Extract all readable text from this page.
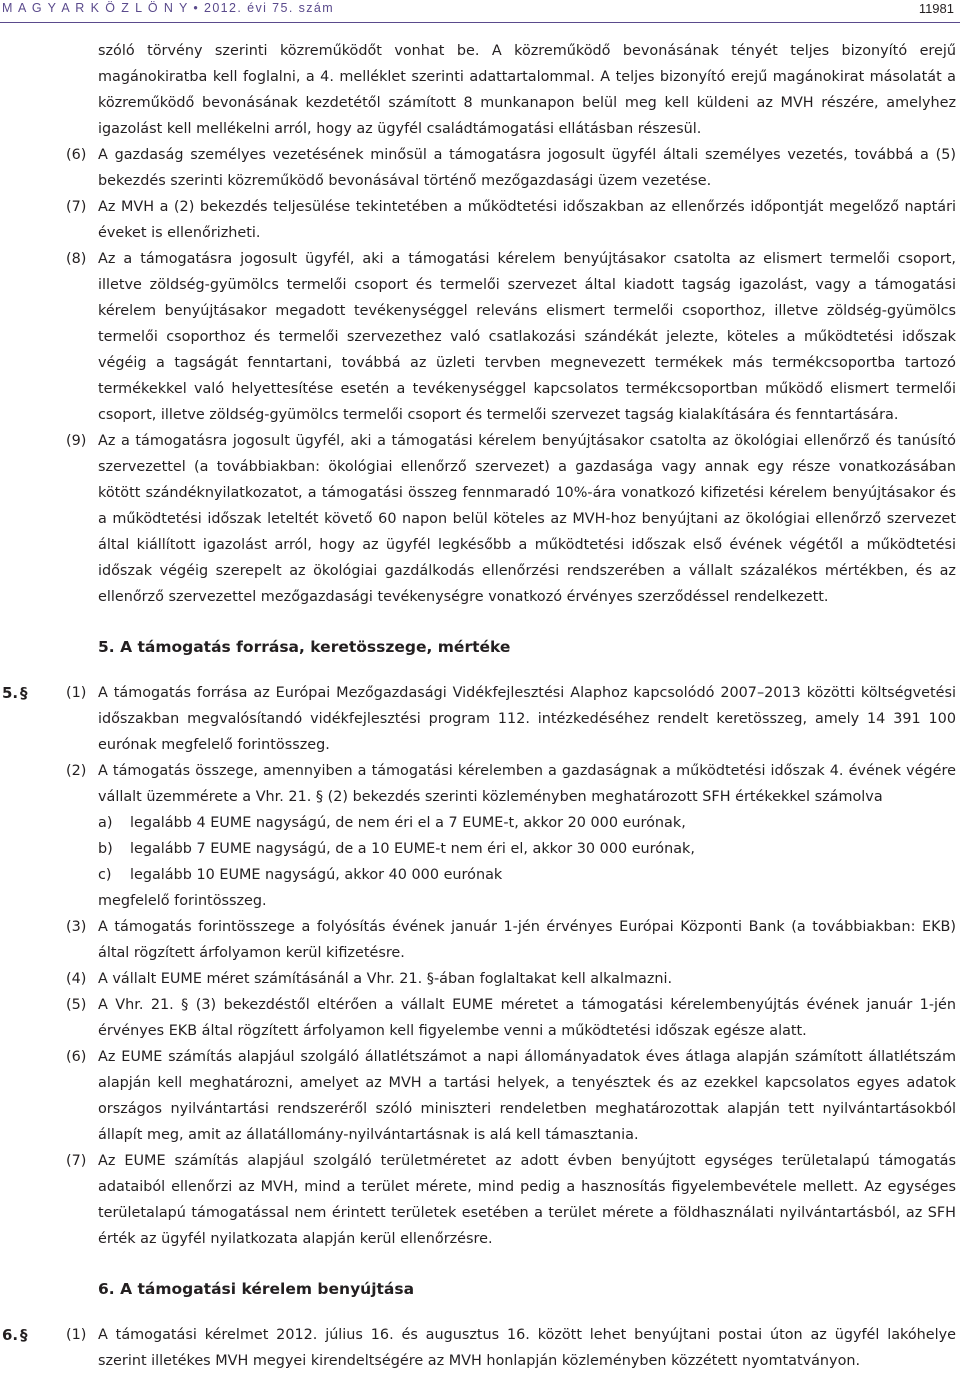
M A G Y A R K Ö Z L Ö N Y • 2012. évi 75. szám	11981

szóló törvény szerinti közreműködőt vonhat be. A közreműködő bevonásának tényét teljes bizonyító erejű magánokiratba kell foglalni, a 4. melléklet szerinti adattartalommal. A teljes bizonyító erejű magánokirat másolatát a közreműködő bevonásának kezdetétől számított 8 munkanapon belül meg kell küldeni az MVH részére, amelyhez igazolást kell mellékelni arról, hogy az ügyfél családtámogatási ellátásban részesül.

(6) A gazdaság személyes vezetésének minősül a támogatásra jogosult ügyfél általi személyes vezetés, továbbá a (5) bekezdés szerinti közreműködő bevonásával történő mezőgazdasági üzem vezetése.

(7) Az MVH a (2) bekezdés teljesülése tekintetében a működtetési időszakban az ellenőrzés időpontját megelőző naptári éveket is ellenőrizheti.

(8) Az a támogatásra jogosult ügyfél, aki a támogatási kérelem benyújtásakor csatolta az elismert termelői csoport, illetve zöldség-gyümölcs termelői csoport és termelői szervezet által kiadott tagság igazolást, vagy a támogatási kérelem benyújtásakor megadott tevékenységgel releváns elismert termelői csoporthoz, illetve zöldség-gyümölcs termelői csoporthoz és termelői szervezethez való csatlakozási szándékát jelezte, köteles a működtetési időszak végéig a tagságát fenntartani, továbbá az üzleti tervben megnevezett termékek más termékcsoportba tartozó termékekkel való helyettesítése esetén a tevékenységgel kapcsolatos termékcsoportban működő elismert termelői csoport, illetve zöldség-gyümölcs termelői csoport és termelői szervezet tagság kialakítására és fenntartására.

(9) Az a támogatásra jogosult ügyfél, aki a támogatási kérelem benyújtásakor csatolta az ökológiai ellenőrző és tanúsító szervezettel (a továbbiakban: ökológiai ellenőrző szervezet) a gazdasága vagy annak egy része vonatkozásában kötött szándéknyilatkozatot, a támogatási összeg fennmaradó 10%-ára vonatkozó kifizetési kérelem benyújtásakor és a működtetési időszak leteltét követő 60 napon belül köteles az MVH-hoz benyújtani az ökológiai ellenőrző szervezet által kiállított igazolást arról, hogy az ügyfél legkésőbb a működtetési időszak első évének végétől a működtetési időszak végéig szerepelt az ökológiai gazdálkodás ellenőrzési rendszerében a vállalt százalékos mértékben, és az ellenőrző szervezettel mezőgazdasági tevékenységre vonatkozó érvényes szerződéssel rendelkezett.

5. A támogatás forrása, keretösszege, mértéke
5. §	(1) A támogatás forrása az Európai Mezőgazdasági Vidékfejlesztési Alaphoz kapcsolódó 2007–2013 közötti költségvetési időszakban megvalósítandó vidékfejlesztési program 112. intézkedéséhez rendelt keretösszeg, amely 14 391 100 eurónak megfelelő forintösszeg.

(2) A támogatás összege, amennyiben a támogatási kérelemben a gazdaságnak a működtetési időszak 4. évének végére vállalt üzemmérete a Vhr. 21. § (2) bekezdés szerinti közleményben meghatározott SFH értékekkel számolva

a) legalább 4 EUME nagyságú, de nem éri el a 7 EUME-t, akkor 20 000 eurónak,
b) legalább 7 EUME nagyságú, de a 10 EUME-t nem éri el, akkor 30 000 eurónak,
c) legalább 10 EUME nagyságú, akkor 40 000 eurónak

megfelelő forintösszeg.

(3) A támogatás forintösszege a folyósítás évének január 1-jén érvényes Európai Központi Bank (a továbbiakban: EKB) által rögzített árfolyamon kerül kifizetésre.

(4) A vállalt EUME méret számításánál a Vhr. 21. §-ában foglaltakat kell alkalmazni.

(5) A Vhr. 21. § (3) bekezdéstől eltérően a vállalt EUME méretet a támogatási kérelembenyújtás évének január 1-jén érvényes EKB által rögzített árfolyamon kell figyelembe venni a működtetési időszak egésze alatt.

(6) Az EUME számítás alapjául szolgáló állatlétszámot a napi állományadatok éves átlaga alapján számított állatlétszám alapján kell meghatározni, amelyet az MVH a tartási helyek, a tenyésztek és az ezekkel kapcsolatos egyes adatok országos nyilvántartási rendszeréről szóló miniszteri rendeletben meghatározottak alapján tett nyilvántartásokból állapít meg, amit az állatállomány-nyilvántartásnak is alá kell támasztania.

(7) Az EUME számítás alapjául szolgáló területméretet az adott évben benyújtott egységes területalapú támogatás adataiból ellenőrzi az MVH, mind a terület mérete, mind pedig a hasznosítás figyelembevétele mellett. Az egységes területalapú támogatással nem érintett területek esetében a terület mérete a földhasználati nyilvántartásból, az SFH érték az ügyfél nyilatkozata alapján kerül ellenőrzésre.

6. A támogatási kérelem benyújtása
6. §	(1) A támogatási kérelmet 2012. július 16. és augusztus 16. között lehet benyújtani postai úton az ügyfél lakóhelye szerint illetékes MVH megyei kirendeltségére az MVH honlapján közleményben közzétett nyomtatványon.
